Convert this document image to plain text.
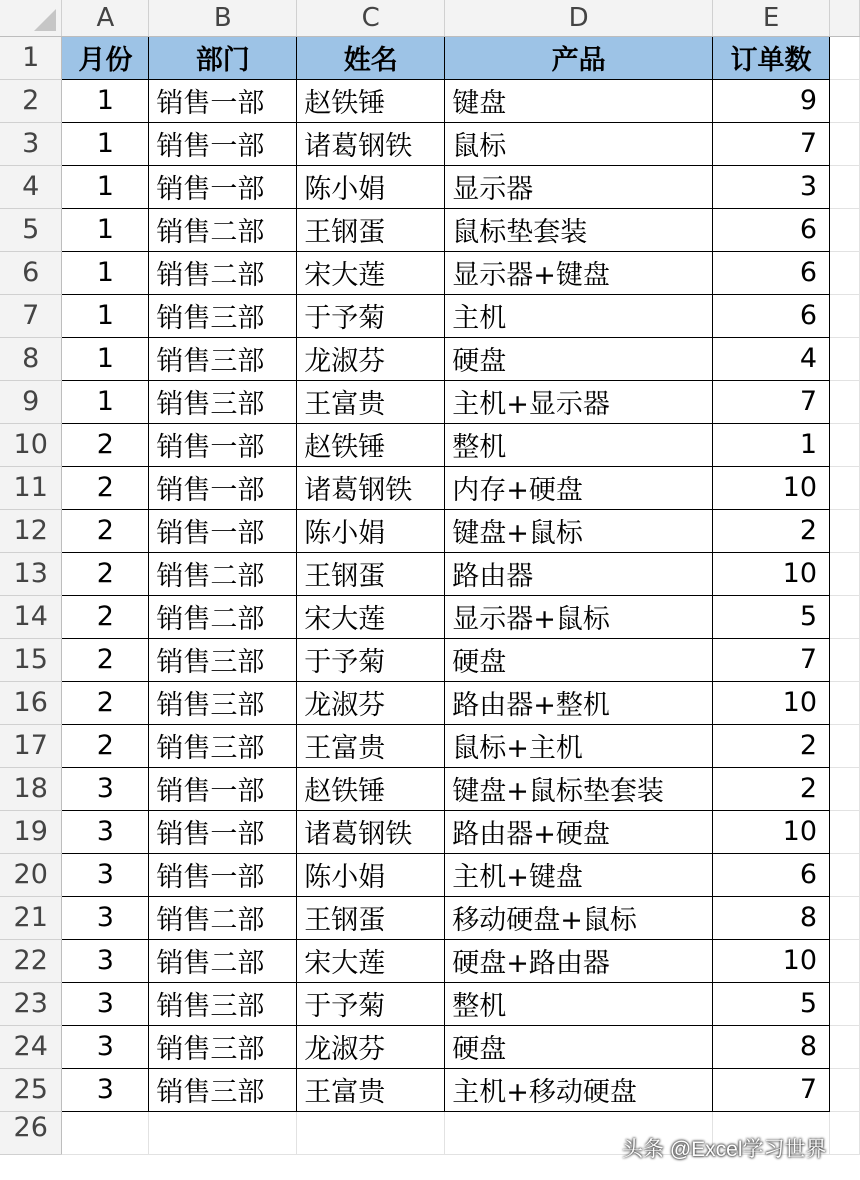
	A	B	C	D	E	
1	月份	部门	姓名	产品	订单数	
2	1	销售一部	赵铁锤	键盘	9	
3	1	销售一部	诸葛钢铁	鼠标	7	
4	1	销售一部	陈小娟	显示器	3	
5	1	销售二部	王钢蛋	鼠标垫套装	6	
6	1	销售二部	宋大莲	显示器+键盘	6	
7	1	销售三部	于予菊	主机	6	
8	1	销售三部	龙淑芬	硬盘	4	
9	1	销售三部	王富贵	主机+显示器	7	
10	2	销售一部	赵铁锤	整机	1	
11	2	销售一部	诸葛钢铁	内存+硬盘	10	
12	2	销售一部	陈小娟	键盘+鼠标	2	
13	2	销售二部	王钢蛋	路由器	10	
14	2	销售二部	宋大莲	显示器+鼠标	5	
15	2	销售三部	于予菊	硬盘	7	
16	2	销售三部	龙淑芬	路由器+整机	10	
17	2	销售三部	王富贵	鼠标+主机	2	
18	3	销售一部	赵铁锤	键盘+鼠标垫套装	2	
19	3	销售一部	诸葛钢铁	路由器+硬盘	10	
20	3	销售一部	陈小娟	主机+键盘	6	
21	3	销售二部	王钢蛋	移动硬盘+鼠标	8	
22	3	销售二部	宋大莲	硬盘+路由器	10	
23	3	销售三部	于予菊	整机	5	
24	3	销售三部	龙淑芬	硬盘	8	
25	3	销售三部	王富贵	主机+移动硬盘	7	
26						
头条 @Excel学习世界
